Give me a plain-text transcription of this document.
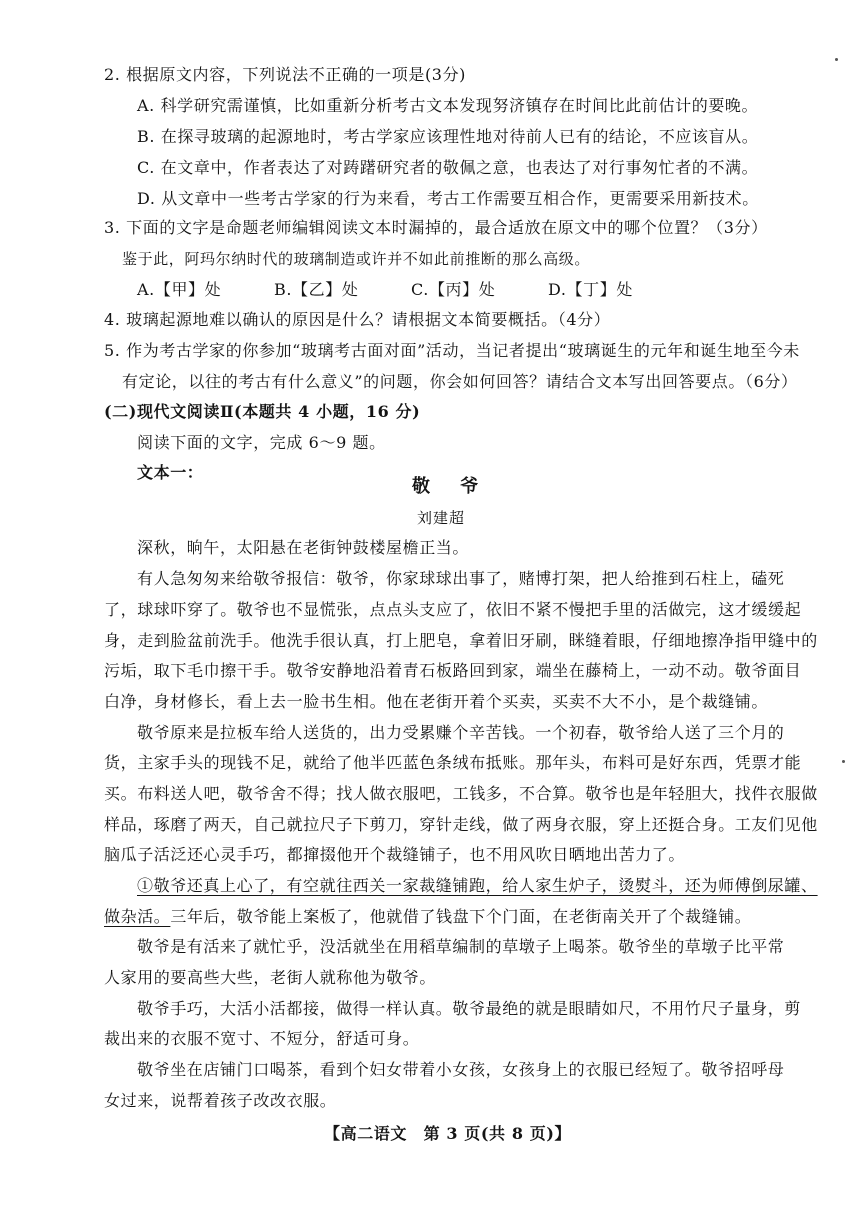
2. 根据原文内容，下列说法不正确的一项是(3分)
A. 科学研究需谨慎，比如重新分析考古文本发现努济镇存在时间比此前估计的要晚。
B. 在探寻玻璃的起源地时，考古学家应该理性地对待前人已有的结论，不应该盲从。
C. 在文章中，作者表达了对踌躇研究者的敬佩之意，也表达了对行事匆忙者的不满。
D. 从文章中一些考古学家的行为来看，考古工作需要互相合作，更需要采用新技术。
3. 下面的文字是命题老师编辑阅读文本时漏掉的，最合适放在原文中的哪个位置？（3分）
鉴于此，阿玛尔纳时代的玻璃制造或许并不如此前推断的那么高级。
A.【甲】处	B.【乙】处	C.【丙】处	D.【丁】处
4. 玻璃起源地难以确认的原因是什么？请根据文本简要概括。（4分）
5. 作为考古学家的你参加“玻璃考古面对面”活动，当记者提出“玻璃诞生的元年和诞生地至今未
有定论，以往的考古有什么意义”的问题，你会如何回答？请结合文本写出回答要点。（6分）
(二)现代文阅读Ⅱ(本题共 4 小题，16 分)
阅读下面的文字，完成 6～9 题。
文本一：
敬 爷
刘建超
深秋，晌午，太阳悬在老街钟鼓楼屋檐正当。
有人急匆匆来给敬爷报信：敬爷，你家球球出事了，赌博打架，把人给推到石柱上，磕死
了，球球吓穿了。敬爷也不显慌张，点点头支应了，依旧不紧不慢把手里的活做完，这才缓缓起
身，走到脸盆前洗手。他洗手很认真，打上肥皂，拿着旧牙刷，眯缝着眼，仔细地擦净指甲缝中的
污垢，取下毛巾擦干手。敬爷安静地沿着青石板路回到家，端坐在藤椅上，一动不动。敬爷面目
白净，身材修长，看上去一脸书生相。他在老街开着个买卖，买卖不大不小，是个裁缝铺。
敬爷原来是拉板车给人送货的，出力受累赚个辛苦钱。一个初春，敬爷给人送了三个月的
货，主家手头的现钱不足，就给了他半匹蓝色条绒布抵账。那年头，布料可是好东西，凭票才能
买。布料送人吧，敬爷舍不得；找人做衣服吧，工钱多，不合算。敬爷也是年轻胆大，找件衣服做
样品，琢磨了两天，自己就拉尺子下剪刀，穿针走线，做了两身衣服，穿上还挺合身。工友们见他
脑瓜子活泛还心灵手巧，都撺掇他开个裁缝铺子，也不用风吹日晒地出苦力了。
①敬爷还真上心了，有空就往西关一家裁缝铺跑，给人家生炉子，烫熨斗，还为师傅倒尿罐、
做杂活。三年后，敬爷能上案板了，他就借了钱盘下个门面，在老街南关开了个裁缝铺。
敬爷是有活来了就忙乎，没活就坐在用稻草编制的草墩子上喝茶。敬爷坐的草墩子比平常
人家用的要高些大些，老街人就称他为敬爷。
敬爷手巧，大活小活都接，做得一样认真。敬爷最绝的就是眼睛如尺，不用竹尺子量身，剪
裁出来的衣服不宽寸、不短分，舒适可身。
敬爷坐在店铺门口喝茶，看到个妇女带着小女孩，女孩身上的衣服已经短了。敬爷招呼母
女过来，说帮着孩子改改衣服。
【高二语文　第 3 页(共 8 页)】
